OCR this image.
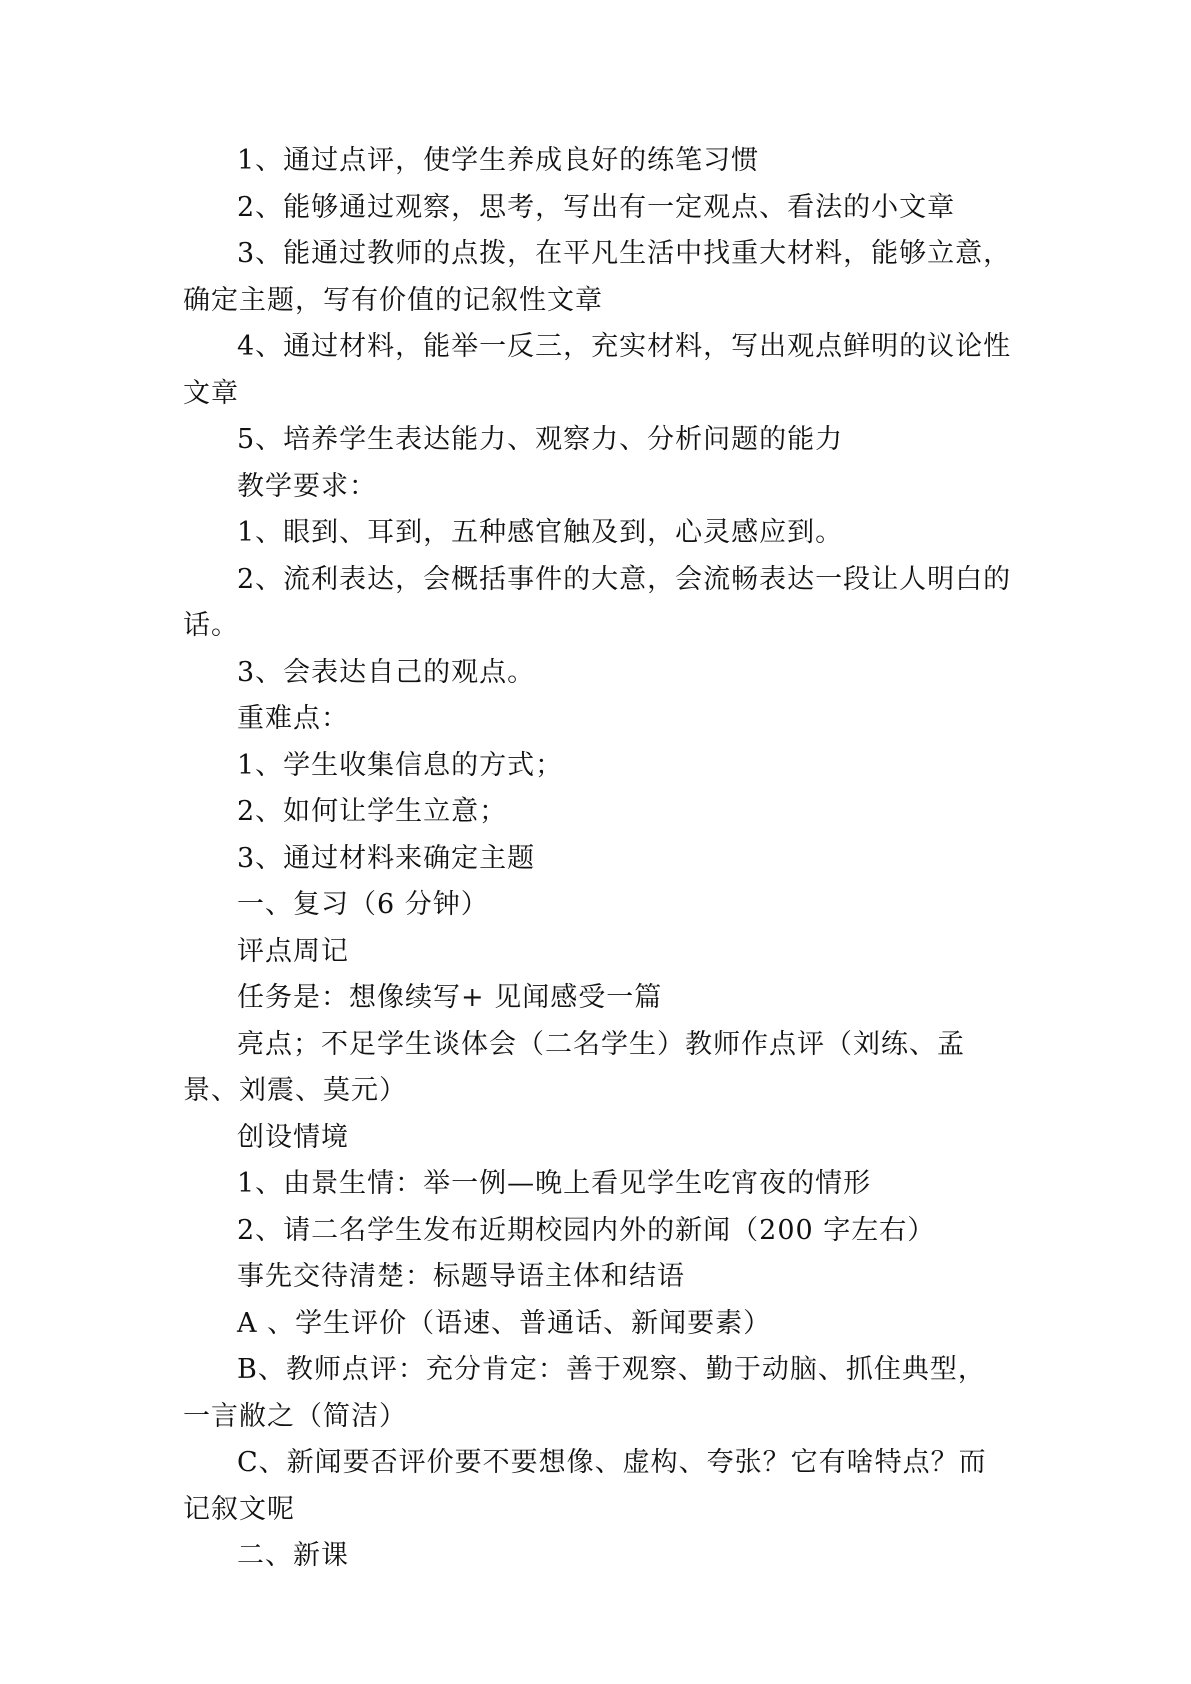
1、通过点评，使学生养成良好的练笔习惯

2、能够通过观察，思考，写出有一定观点、看法的小文章

3、能通过教师的点拨，在平凡生活中找重大材料，能够立意，确定主题，写有价值的记叙性文章

4、通过材料，能举一反三，充实材料，写出观点鲜明的议论性文章

5、培养学生表达能力、观察力、分析问题的能力

教学要求：

1、眼到、耳到，五种感官触及到，心灵感应到。

2、流利表达，会概括事件的大意，会流畅表达一段让人明白的话。

3、会表达自己的观点。

重难点：

1、学生收集信息的方式；

2、如何让学生立意；

3、通过材料来确定主题

一、复习（6 分钟）

评点周记

任务是：想像续写+ 见闻感受一篇

亮点；不足学生谈体会（二名学生）教师作点评（刘练、孟景、刘震、莫元）

创设情境

1、由景生情：举一例—晚上看见学生吃宵夜的情形

2、请二名学生发布近期校园内外的新闻（200 字左右）

事先交待清楚：标题导语主体和结语

A 、学生评价（语速、普通话、新闻要素）

B、教师点评：充分肯定：善于观察、勤于动脑、抓住典型，一言敝之（简洁）

C、新闻要否评价要不要想像、虚构、夸张？它有啥特点？而记叙文呢

二、新课
